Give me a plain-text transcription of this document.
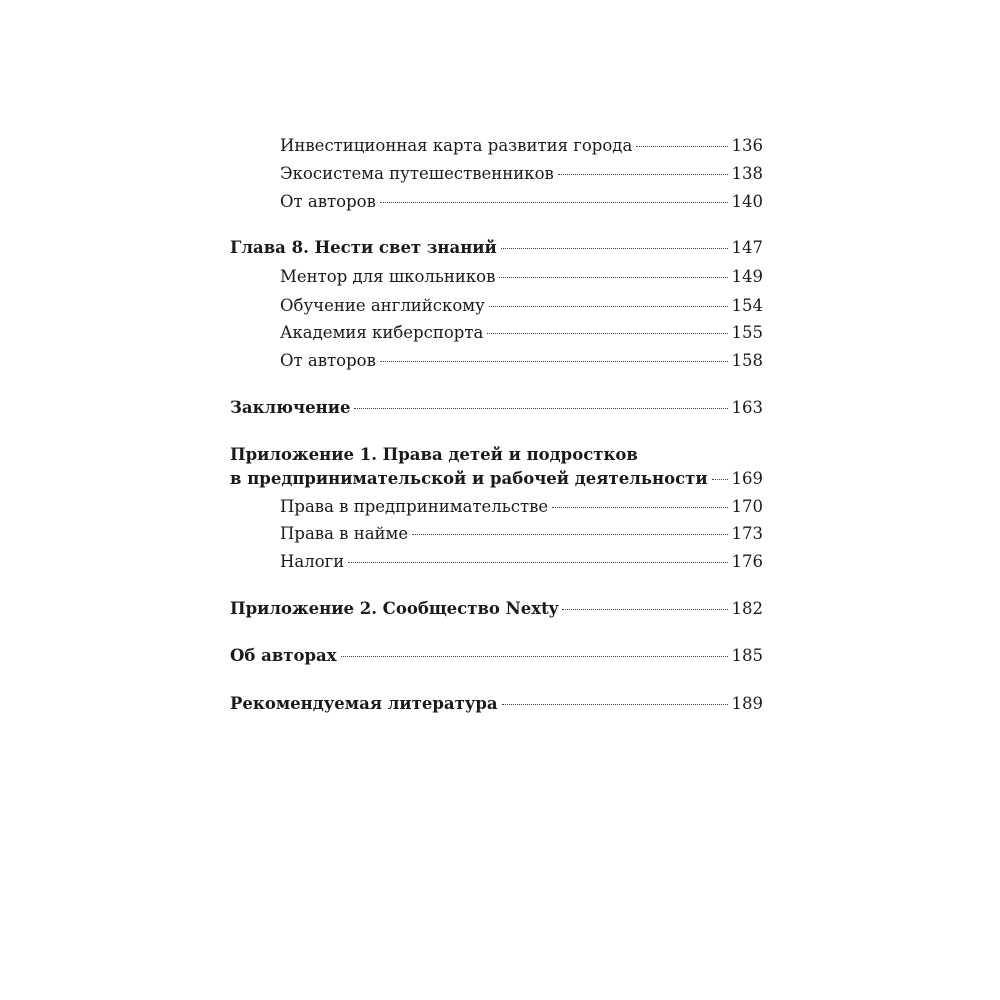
Инвестиционная карта развития города	136
Экосистема путешественников	138
От авторов	140
Глава 8. Нести свет знаний	147
Ментор для школьников	149
Обучение английскому	154
Академия киберспорта	155
От авторов	158
Заключение	163
Приложение 1. Права детей и подростков
в предпринимательской и рабочей деятельности 169
Права в предпринимательстве	170
Права в найме	173
Налоги	176
Приложение 2. Сообщество Nexty	182
Об авторах	185
Рекомендуемая литература	189
